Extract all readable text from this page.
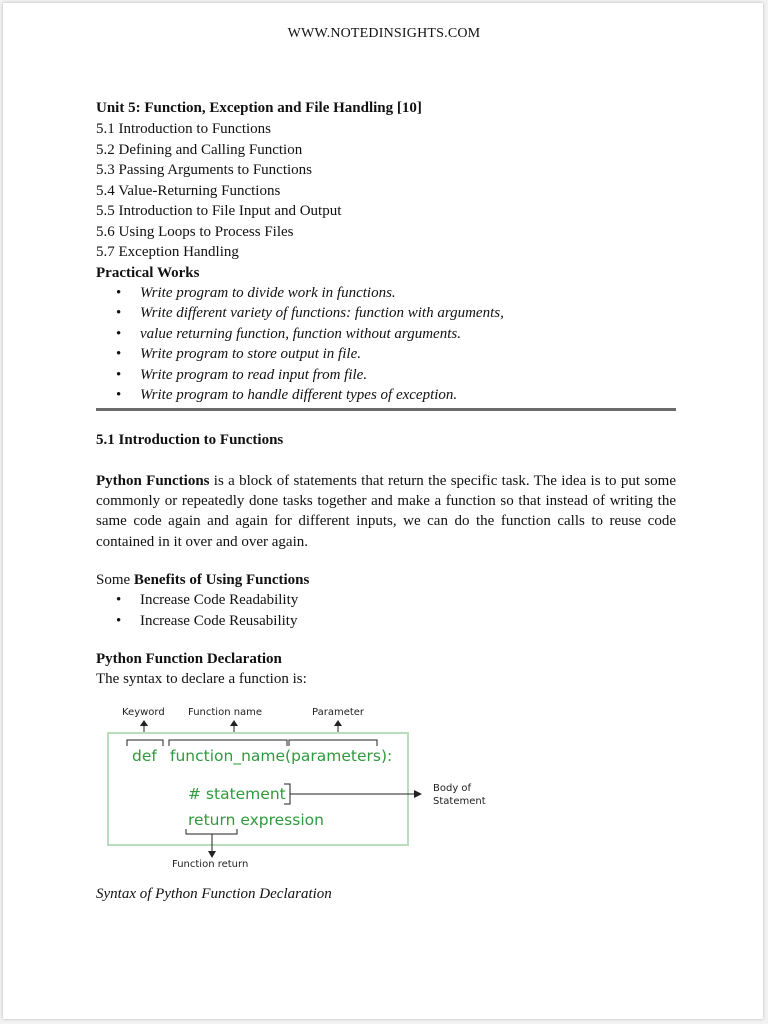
WWW.NOTEDINSIGHTS.COM

Unit 5: Function, Exception and File Handling [10]

5.1 Introduction to Functions
5.2 Defining and Calling Function
5.3 Passing Arguments to Functions
5.4 Value-Returning Functions
5.5 Introduction to File Input and Output
5.6 Using Loops to Process Files
5.7 Exception Handling

Practical Works

• Write program to divide work in functions.
• Write different variety of functions: function with arguments,
• value returning function, function without arguments.
• Write program to store output in file.
• Write program to read input from file.
• Write program to handle different types of exception.

5.1 Introduction to Functions

Python Functions is a block of statements that return the specific task. The idea is to put some commonly or repeatedly done tasks together and make a function so that instead of writing the same code again and again for different inputs, we can do the function calls to reuse code contained in it over and over again.

Some Benefits of Using Functions

• Increase Code Readability
• Increase Code Reusability

Python Function Declaration

The syntax to declare a function is:

Keyword Function name	Parameter
def function_name(parameters):
# statement
return expression
Body of
Statement
Function return
Syntax of Python Function Declaration
